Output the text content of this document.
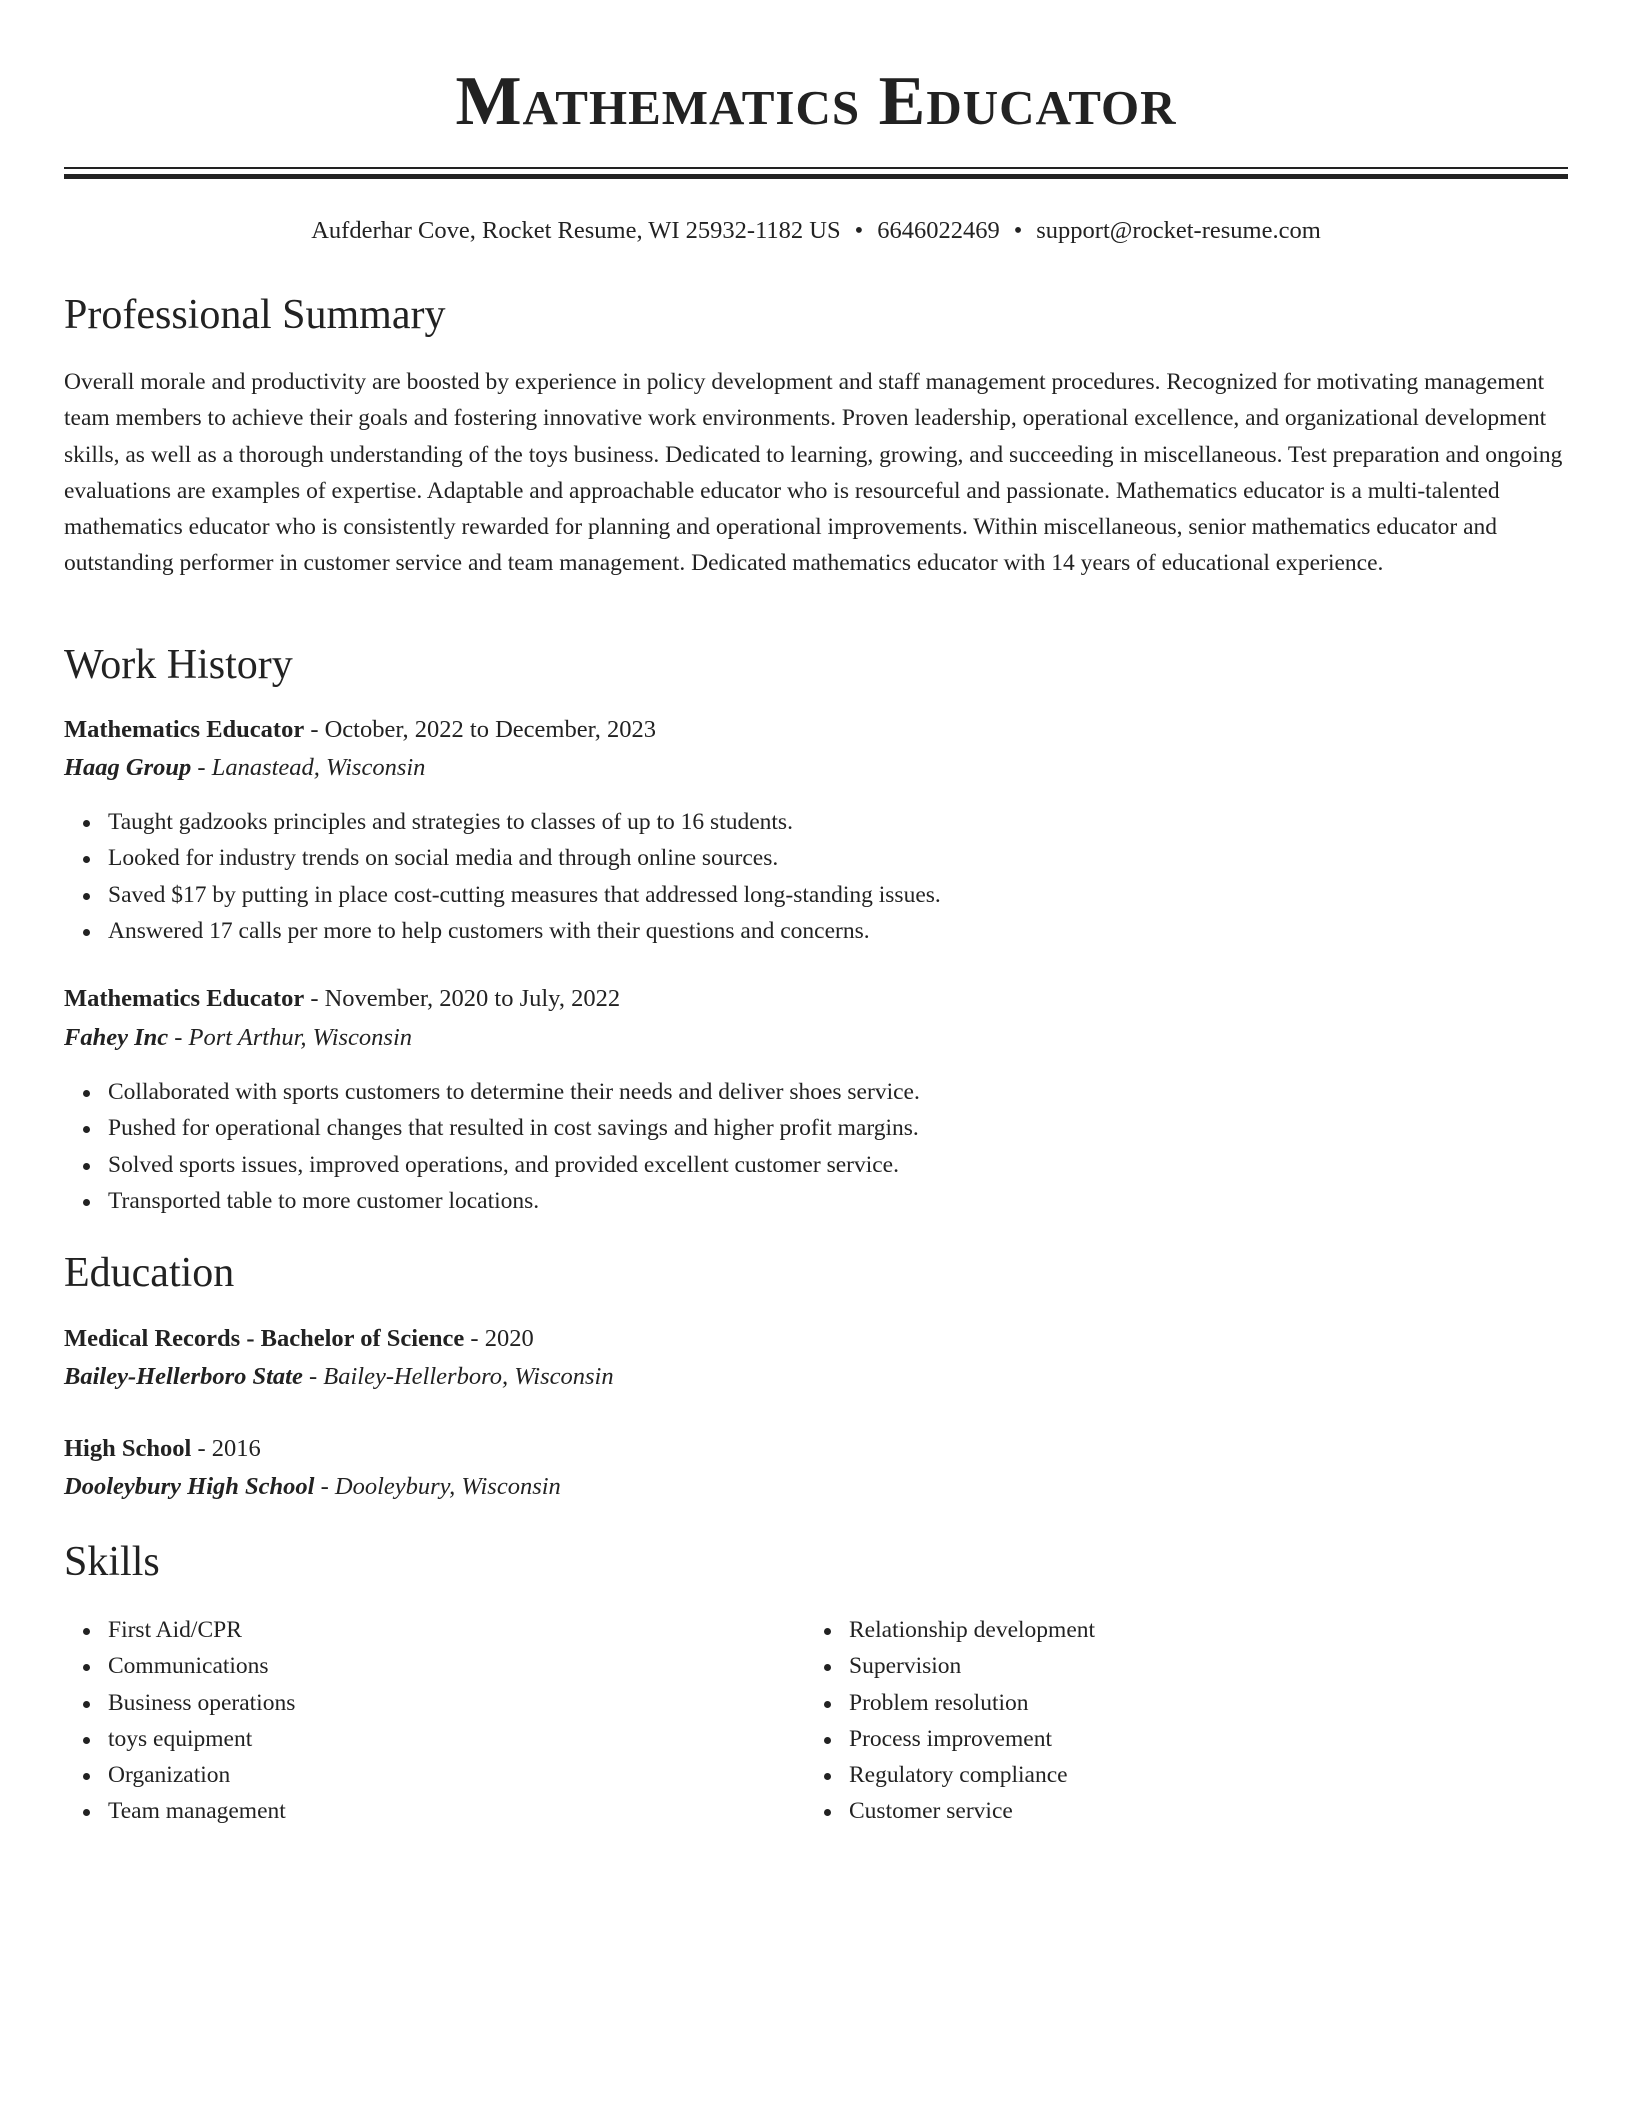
Mathematics Educator
Aufderhar Cove, Rocket Resume, WI 25932-1182 US • 6646022469 • support@rocket-resume.com
Professional Summary

Overall morale and productivity are boosted by experience in policy development and staff management procedures. Recognized for motivating management team members to achieve their goals and fostering innovative work environments. Proven leadership, operational excellence, and organizational development skills, as well as a thorough understanding of the toys business. Dedicated to learning, growing, and succeeding in miscellaneous. Test preparation and ongoing evaluations are examples of expertise. Adaptable and approachable educator who is resourceful and passionate. Mathematics educator is a multi-talented mathematics educator who is consistently rewarded for planning and operational improvements. Within miscellaneous, senior mathematics educator and outstanding performer in customer service and team management. Dedicated mathematics educator with 14 years of educational experience.

Work History
Mathematics Educator - October, 2022 to December, 2023
Haag Group - Lanastead, Wisconsin
Taught gadzooks principles and strategies to classes of up to 16 students.
Looked for industry trends on social media and through online sources.
Saved $17 by putting in place cost-cutting measures that addressed long-standing issues.
Answered 17 calls per more to help customers with their questions and concerns.
Mathematics Educator - November, 2020 to July, 2022
Fahey Inc - Port Arthur, Wisconsin
Collaborated with sports customers to determine their needs and deliver shoes service.
Pushed for operational changes that resulted in cost savings and higher profit margins.
Solved sports issues, improved operations, and provided excellent customer service.
Transported table to more customer locations.
Education
Medical Records - Bachelor of Science - 2020
Bailey-Hellerboro State - Bailey-Hellerboro, Wisconsin
High School - 2016
Dooleybury High School - Dooleybury, Wisconsin
Skills
First Aid/CPR
Communications
Business operations
toys equipment
Organization
Team management
Relationship development
Supervision
Problem resolution
Process improvement
Regulatory compliance
Customer service
